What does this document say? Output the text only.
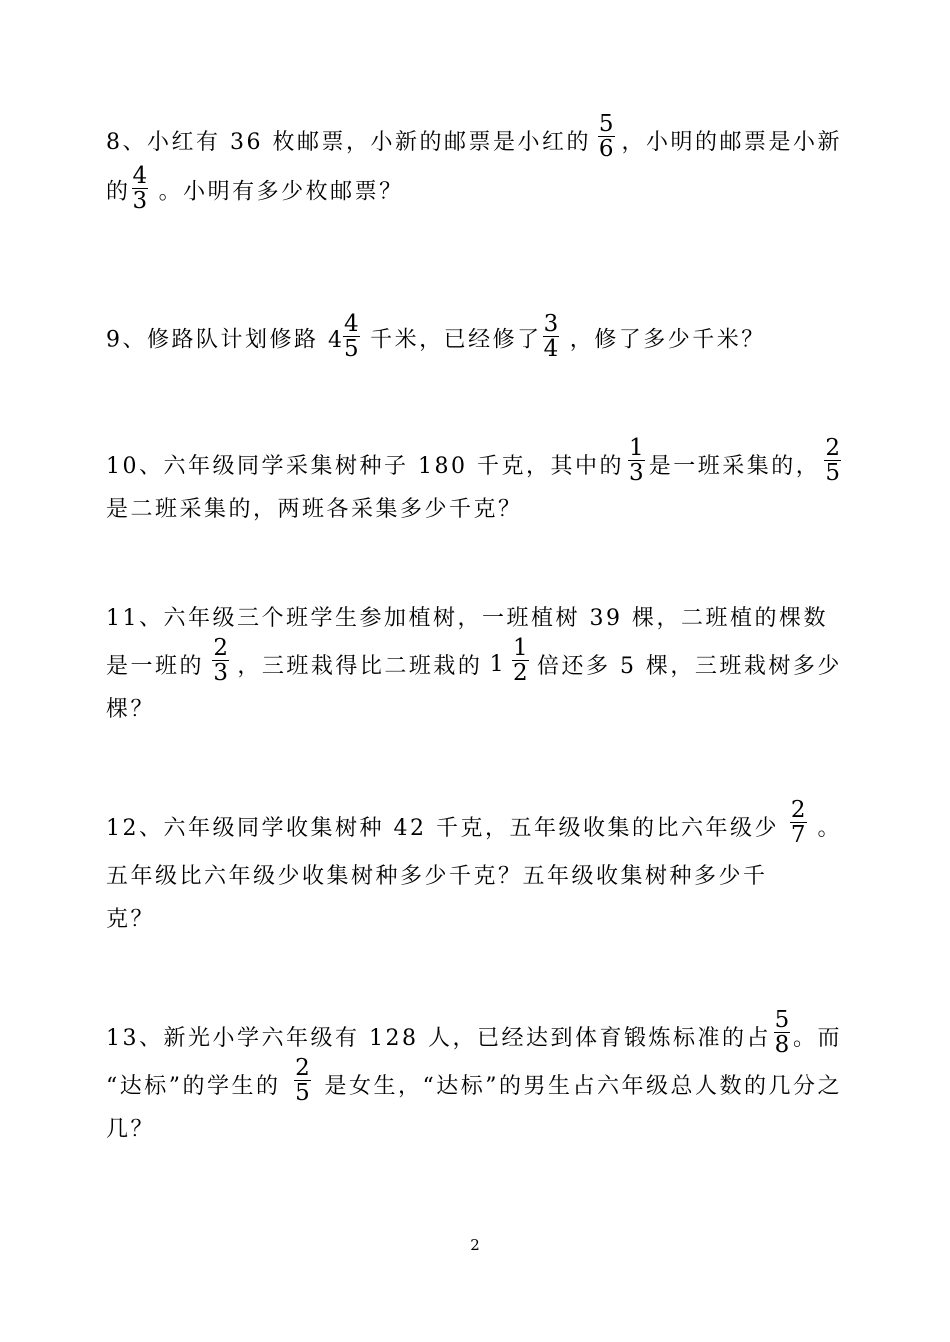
8、小红有 36 枚邮票，小新的邮票是小红的 $\frac{5}{6}$ ，小明的邮票是小新
的 $\frac{4}{3}$ 。小明有多少枚邮票？
9、修路队计划修路 $4 \frac{4}{5}$ 千米，已经修了 $\frac{3}{4}$ ，修了多少千米？
10、六年级同学采集树种子 180 千克，其中的 $\frac{1}{3}$ 是一班采集的， $\frac{2}{5}$
是二班采集的，两班各采集多少千克？
11、六年级三个班学生参加植树，一班植树 39 棵，二班植的棵数
是一班的 $\frac{2}{3}$ ，三班栽得比二班栽的 $1 \frac{1}{2}$ 倍还多 5 棵，三班栽树多少
棵？
12、六年级同学收集树种 42 千克，五年级收集的比六年级少 $\frac{2}{7}$ 。
五年级比六年级少收集树种多少千克？五年级收集树种多少千
克？
13、新光小学六年级有 128 人，已经达到体育锻炼标准的占 $\frac{5}{8}$ 。而
“达标”的学生的 $\frac{2}{5}$ 是女生，“达标”的男生占六年级总人数的几分之
几？
2
